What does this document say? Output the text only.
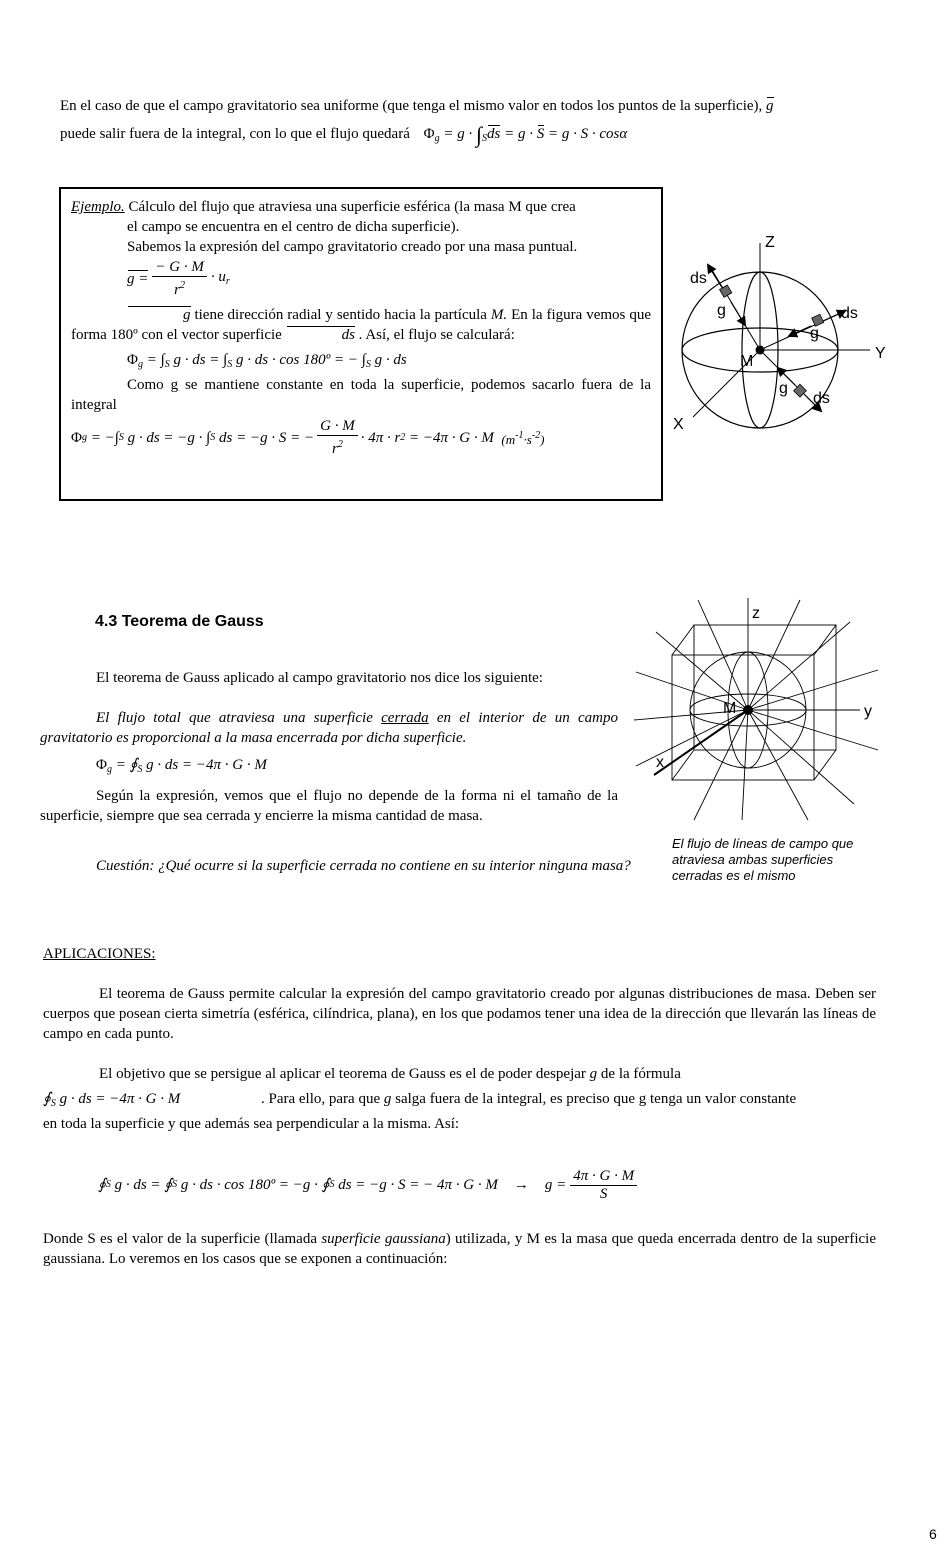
En el caso de que el campo gravitatorio sea uniforme (que tenga el mismo valor en todos los puntos de la superficie), g

puede salir fuera de la integral, con lo que el flujo quedará $\Phi_g = g \cdot \int_Sds = g \cdot S = g \cdot S \cdot \cos\alpha$

Ejemplo. Cálculo del flujo que atraviesa una superficie esférica (la masa M que crea

el campo se encuentra en el centro de dicha superficie).

Sabemos la expresión del campo gravitatorio creado por una masa puntual.

$g = \frac{- G \cdot M}{r^2} \cdot u_r$

g tiene dirección radial y sentido hacia la partícula M. En la figura vemos que forma 180º con el vector superficie	ds . Así, el flujo se calculará:

$\Phi_g = \int_S$ g · ds = $\int_S$ g · ds · cos 180º = − $\int_S$ g · ds

Como g se mantiene constante en toda la superficie, podemos sacarlo fuera de la integral

Φ g
= −∫ S
g · ds = −g ·
∫ S
ds = −g · S = − $\frac{G \cdot M}{r^2} \cdot 4\pi \cdot r$ 2
= −4π · G · M
$(m^{-1}\cdot s^{-2})$
Z
Y
X
M
ds
g	ds
g
ds
g
4.3 Teorema de Gauss

El teorema de Gauss aplicado al campo gravitatorio nos dice los siguiente:

El flujo total que atraviesa una superficie cerrada en el interior de un campo gravitatorio es proporcional a la masa encerrada por dicha superficie.

$\Phi_g$ = $∮_S$ g · ds = −4π · G · M

Según la expresión, vemos que el flujo no depende de la forma ni el tamaño de la superficie, siempre que sea cerrada y encierre la misma cantidad de masa.

Cuestión: ¿Qué ocurre si la superficie cerrada no contiene en su interior ninguna masa?

z
y
x
M
El flujo de líneas de campo que atraviesa ambas superficies cerradas es el mismo
APLICACIONES:

El teorema de Gauss permite calcular la expresión del campo gravitatorio creado por algunas distribuciones de masa. Deben ser cuerpos que posean cierta simetría (esférica, cilíndrica, plana), en los que podamos tener una idea de la dirección que llevarán las líneas de campo en cada punto.

El objetivo que se persigue al aplicar el teorema de Gauss es el de poder despejar g de la fórmula

$∮_S$ g · ds = −4π · G · M	. Para ello, para que g salga fuera de la integral, es preciso que g tenga un valor constante

en toda la superficie y que además sea perpendicular a la misma. Así:

∮ S
g · ds =
∮ S
g · ds · cos 180º = −g ·
∮ S
ds = −g · S = − $4\pi \cdot G \cdot M \to g = \frac{4\pi \cdot G \cdot M}{S}$

Donde S es el valor de la superficie (llamada superficie gaussiana) utilizada, y M es la masa que queda encerrada dentro de la superficie gaussiana. Lo veremos en los casos que se exponen a continuación:

6
